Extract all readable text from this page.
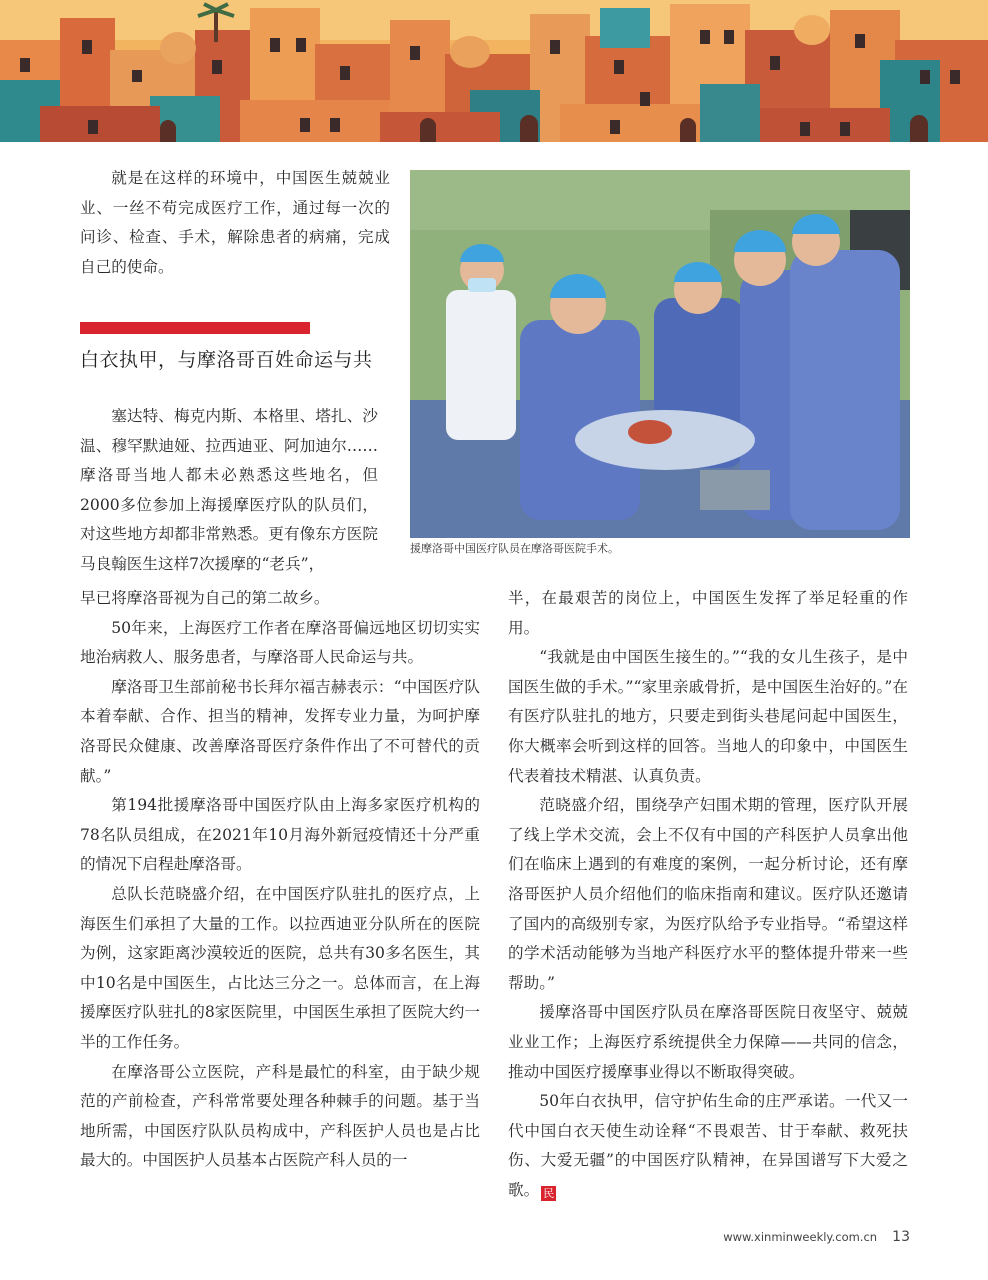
就是在这样的环境中，中国医生兢兢业业、一丝不苟完成医疗工作，通过每一次的问诊、检查、手术，解除患者的病痛，完成自己的使命。

白衣执甲，与摩洛哥百姓命运与共

塞达特、梅克内斯、本格里、塔扎、沙温、穆罕默迪娅、拉西迪亚、阿加迪尔……摩洛哥当地人都未必熟悉这些地名，但2000多位参加上海援摩医疗队的队员们，对这些地方却都非常熟悉。更有像东方医院马良翰医生这样7次援摩的“老兵”，

援摩洛哥中国医疗队员在摩洛哥医院手术。

早已将摩洛哥视为自己的第二故乡。

50年来，上海医疗工作者在摩洛哥偏远地区切切实实地治病救人、服务患者，与摩洛哥人民命运与共。

摩洛哥卫生部前秘书长拜尔福吉赫表示：“中国医疗队本着奉献、合作、担当的精神，发挥专业力量，为呵护摩洛哥民众健康、改善摩洛哥医疗条件作出了不可替代的贡献。”

第194批援摩洛哥中国医疗队由上海多家医疗机构的78名队员组成，在2021年10月海外新冠疫情还十分严重的情况下启程赴摩洛哥。

总队长范晓盛介绍，在中国医疗队驻扎的医疗点，上海医生们承担了大量的工作。以拉西迪亚分队所在的医院为例，这家距离沙漠较近的医院，总共有30多名医生，其中10名是中国医生，占比达三分之一。总体而言，在上海援摩医疗队驻扎的8家医院里，中国医生承担了医院大约一半的工作任务。

在摩洛哥公立医院，产科是最忙的科室，由于缺少规范的产前检查，产科常常要处理各种棘手的问题。基于当地所需，中国医疗队队员构成中，产科医护人员也是占比最大的。中国医护人员基本占医院产科人员的一

半，在最艰苦的岗位上，中国医生发挥了举足轻重的作用。

“我就是由中国医生接生的。”“我的女儿生孩子，是中国医生做的手术。”“家里亲戚骨折，是中国医生治好的。”在有医疗队驻扎的地方，只要走到街头巷尾问起中国医生，你大概率会听到这样的回答。当地人的印象中，中国医生代表着技术精湛、认真负责。

范晓盛介绍，围绕孕产妇围术期的管理，医疗队开展了线上学术交流，会上不仅有中国的产科医护人员拿出他们在临床上遇到的有难度的案例，一起分析讨论，还有摩洛哥医护人员介绍他们的临床指南和建议。医疗队还邀请了国内的高级别专家，为医疗队给予专业指导。“希望这样的学术活动能够为当地产科医疗水平的整体提升带来一些帮助。”

援摩洛哥中国医疗队员在摩洛哥医院日夜坚守、兢兢业业工作；上海医疗系统提供全力保障——共同的信念，推动中国医疗援摩事业得以不断取得突破。

50年白衣执甲，信守护佑生命的庄严承诺。一代又一代中国白衣天使生动诠释“不畏艰苦、甘于奉献、救死扶伤、大爱无疆”的中国医疗队精神，在异国谱写下大爱之歌。 民

www.xinminweekly.com.cn 13
